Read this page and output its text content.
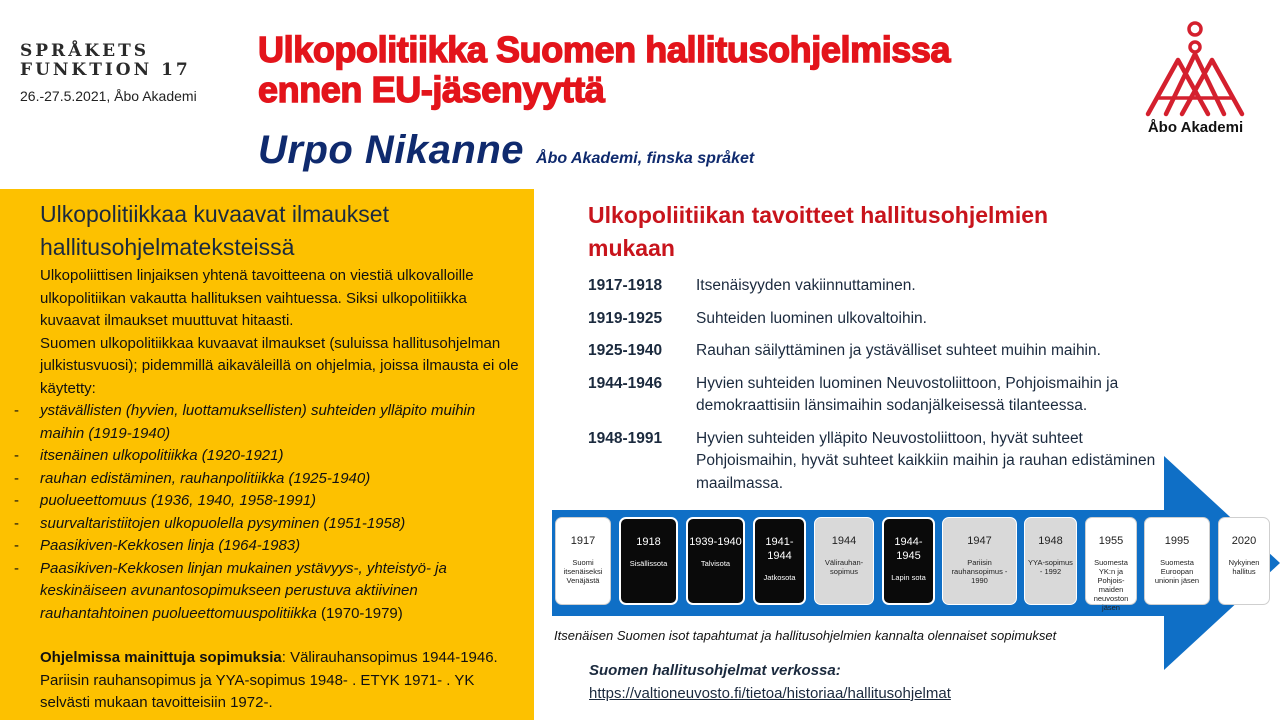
SPRÅKETS
FUNKTION 17
26.-27.5.2021, Åbo Akademi
Ulkopolitiikka Suomen hallitusohjelmissa
ennen EU-jäsenyyttä
Urpo Nikanne Åbo Akademi, finska språket
Åbo Akademi
Ulkopolitiikkaa kuvaavat ilmaukset
hallitusohjelmateksteissä
Ulkopoliittisen linjaiksen yhtenä tavoitteena on viestiä ulkovalloille ulkopolitiikan vakautta hallituksen vaihtuessa. Siksi ulkopolitiikka kuvaavat ilmaukset muuttuvat hitaasti.
Suomen ulkopolitiikkaa kuvaavat ilmaukset (suluissa hallitusohjelman julkistusvuosi); pidemmillä aikaväleillä on ohjelmia, joissa ilmausta ei ole käytetty:
- ystävällisten (hyvien, luottamuksellisten) suhteiden ylläpito muihin maihin (1919-1940)
- itsenäinen ulkopolitiikka (1920-1921)
- rauhan edistäminen, rauhanpolitiikka (1925-1940)
- puolueettomuus (1936, 1940, 1958-1991)
- suurvaltaristiitojen ulkopuolella pysyminen (1951-1958)
- Paasikiven-Kekkosen linja (1964-1983)
- Paasikiven-Kekkosen linjan mukainen ystävyys-, yhteistyö- ja keskinäiseen avunantosopimukseen perustuva aktiivinen rauhantahtoinen puolueettomuuspolitiikka (1970-1979)
Ohjelmissa mainittuja sopimuksia: Välirauhansopimus 1944-1946. Pariisin rauhansopimus ja YYA-sopimus 1948- . ETYK 1971- . YK selvästi mukaan tavoitteisiin 1972-.
Ulkopoliitiikan tavoitteet hallitusohjelmien mukaan
1917-1918 Itsenäisyyden vakiinnuttaminen.
1919-1925 Suhteiden luominen ulkovaltoihin.
1925-1940 Rauhan säilyttäminen ja ystävälliset suhteet muihin maihin.
1944-1946 Hyvien suhteiden luominen Neuvostoliittoon, Pohjoismaihin ja demokraattisiin länsimaihin sodanjälkeisessä tilanteessa.
1948-1991 Hyvien suhteiden ylläpito Neuvostoliittoon, hyvät suhteet Pohjoismaihin, hyvät suhteet kaikkiin maihin ja rauhan edistäminen maailmassa.
1917
Suomi itsenäiseksi Venäjästä
1918
Sisällissota
1939-1940
Talvisota
1941-1944
Jatkosota
1944
Välirauhan-sopimus
1944-1945
Lapin sota
1947
Pariisin rauhansopimus - 1990
1948
YYA-sopimus - 1992
1955
Suomesta YK:n ja Pohjois-maiden neuvoston jäsen
1995
Suomesta Euroopan unionin jäsen
2020
Nykyinen hallitus
Itsenäisen Suomen isot tapahtumat ja hallitusohjelmien kannalta olennaiset sopimukset
Suomen hallitusohjelmat verkossa:
https://valtioneuvosto.fi/tietoa/historiaa/hallitusohjelmat
